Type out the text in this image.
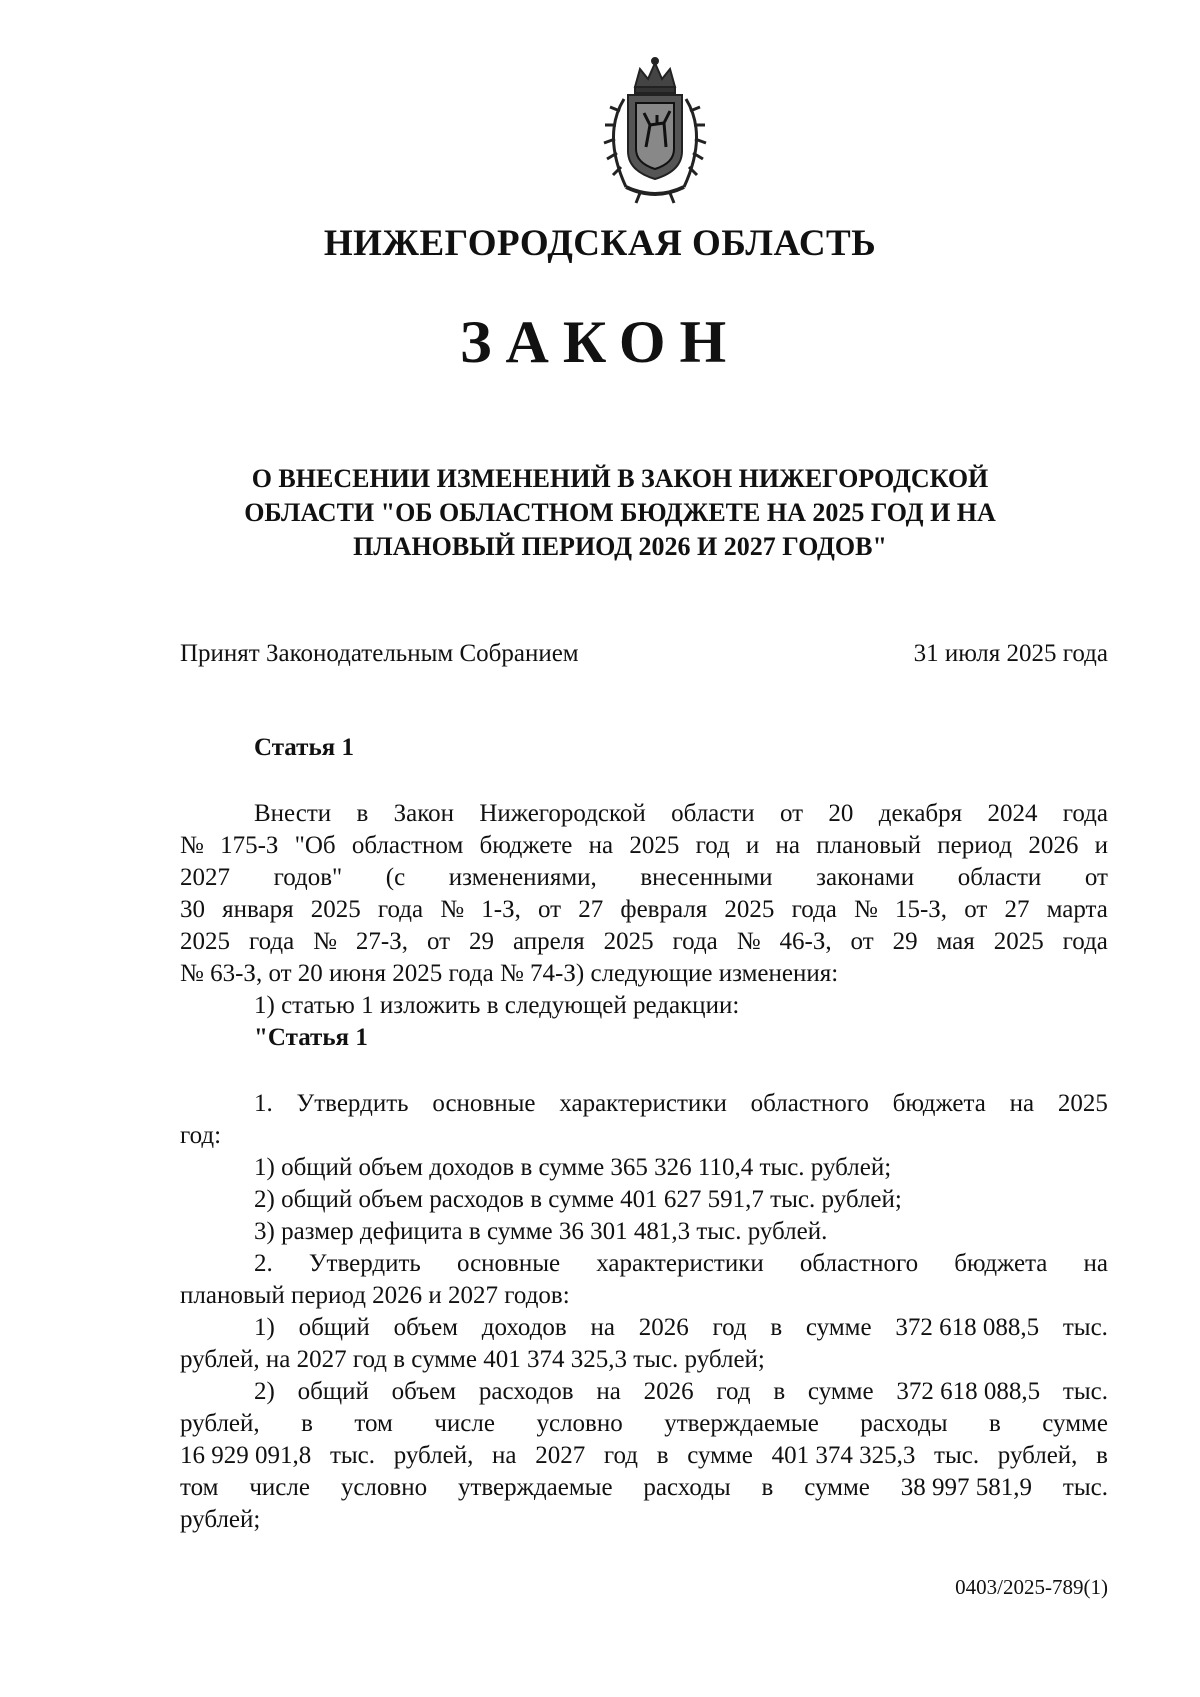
НИЖЕГОРОДСКАЯ ОБЛАСТЬ
ЗАКОН
О ВНЕСЕНИИ ИЗМЕНЕНИЙ В ЗАКОН НИЖЕГОРОДСКОЙ
ОБЛАСТИ "ОБ ОБЛАСТНОМ БЮДЖЕТЕ НА 2025 ГОД И НА
ПЛАНОВЫЙ ПЕРИОД 2026 И 2027 ГОДОВ"
Принят Законодательным Собранием	31 июля 2025 года
Статья 1
Внести в Закон Нижегородской области от 20 декабря 2024 года
№ 175-З "Об областном бюджете на 2025 год и на плановый период 2026 и
2027 годов" (с изменениями, внесенными законами области от
30 января 2025 года № 1-З, от 27 февраля 2025 года № 15-З, от 27 марта
2025 года № 27-З, от 29 апреля 2025 года № 46-З, от 29 мая 2025 года
№ 63-З, от 20 июня 2025 года № 74-З) следующие изменения:
1) статью 1 изложить в следующей редакции:
"Статья 1
1. Утвердить основные характеристики областного бюджета на 2025
год:
1) общий объем доходов в сумме 365 326 110,4 тыс. рублей;
2) общий объем расходов в сумме 401 627 591,7 тыс. рублей;
3) размер дефицита в сумме 36 301 481,3 тыс. рублей.
2. Утвердить основные характеристики областного бюджета на
плановый период 2026 и 2027 годов:
1) общий объем доходов на 2026 год в сумме 372 618 088,5 тыс.
рублей, на 2027 год в сумме 401 374 325,3 тыс. рублей;
2) общий объем расходов на 2026 год в сумме 372 618 088,5 тыс.
рублей, в том числе условно утверждаемые расходы в сумме
16 929 091,8 тыс. рублей, на 2027 год в сумме 401 374 325,3 тыс. рублей, в
том числе условно утверждаемые расходы в сумме 38 997 581,9 тыс.
рублей;
0403/2025-789(1)
